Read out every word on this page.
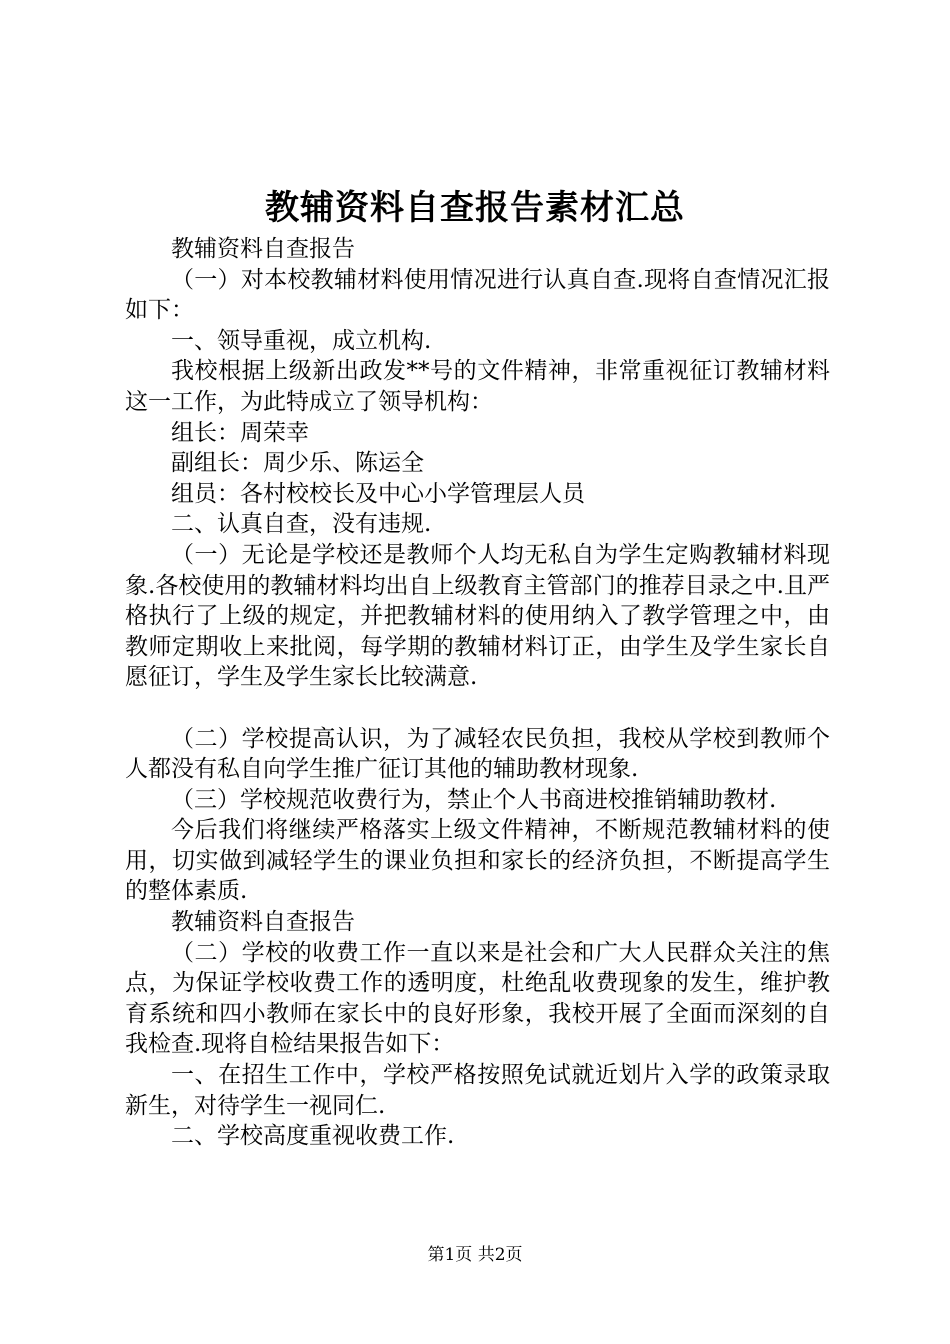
教辅资料自查报告素材汇总

教辅资料自查报告

（一）对本校教辅材料使用情况进行认真自查.现将自查情况汇报如下：

一、领导重视，成立机构.

我校根据上级新出政发**号的文件精神，非常重视征订教辅材料这一工作，为此特成立了领导机构：

组长：周荣幸

副组长：周少乐、陈运全

组员：各村校校长及中心小学管理层人员

二、认真自查，没有违规.

（一）无论是学校还是教师个人均无私自为学生定购教辅材料现象.各校使用的教辅材料均出自上级教育主管部门的推荐目录之中.且严格执行了上级的规定，并把教辅材料的使用纳入了教学管理之中，由教师定期收上来批阅，每学期的教辅材料订正，由学生及学生家长自愿征订，学生及学生家长比较满意.

（二）学校提高认识，为了减轻农民负担，我校从学校到教师个人都没有私自向学生推广征订其他的辅助教材现象.

（三）学校规范收费行为，禁止个人书商进校推销辅助教材.

今后我们将继续严格落实上级文件精神，不断规范教辅材料的使用，切实做到减轻学生的课业负担和家长的经济负担，不断提高学生的整体素质.

教辅资料自查报告

（二）学校的收费工作一直以来是社会和广大人民群众关注的焦点，为保证学校收费工作的透明度，杜绝乱收费现象的发生，维护教育系统和四小教师在家长中的良好形象，我校开展了全面而深刻的自我检查.现将自检结果报告如下：

一、在招生工作中，学校严格按照免试就近划片入学的政策录取新生，对待学生一视同仁.

二、学校高度重视收费工作.

第1页 共2页
